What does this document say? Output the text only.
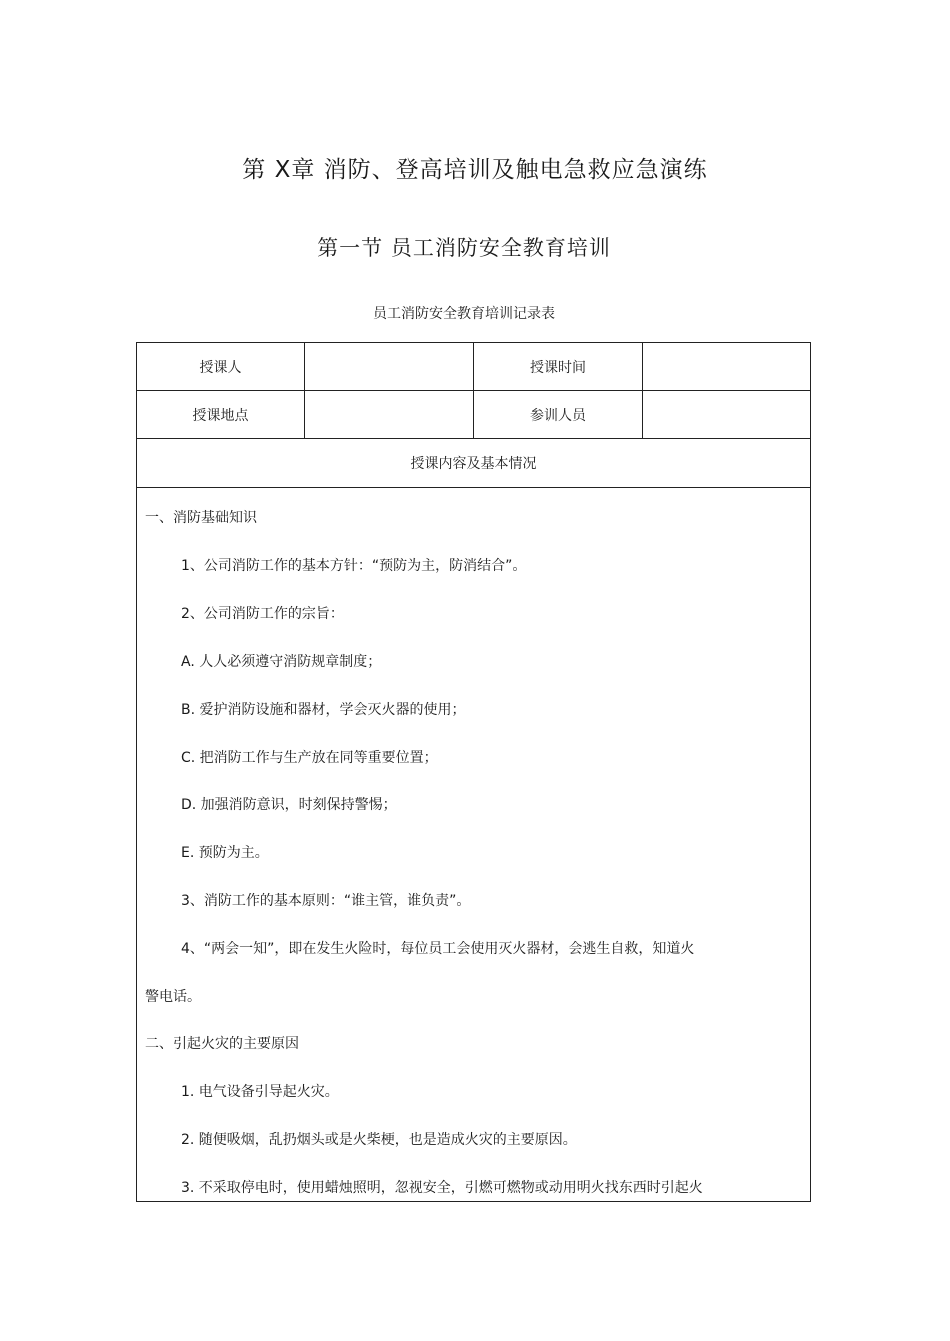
第 X章 消防、登高培训及触电急救应急演练
第一节 员工消防安全教育培训
员工消防安全教育培训记录表
授课人	授课时间
授课地点	参训人员
授课内容及基本情况
一、消防基础知识
1、公司消防工作的基本方针：“预防为主，防消结合”。
2、公司消防工作的宗旨：
A. 人人必须遵守消防规章制度；
B. 爱护消防设施和器材，学会灭火器的使用；
C. 把消防工作与生产放在同等重要位置；
D. 加强消防意识，时刻保持警惕；
E. 预防为主。
3、消防工作的基本原则：“谁主管，谁负责”。
4、“两会一知”，即在发生火险时，每位员工会使用灭火器材，会逃生自救，知道火
警电话。
二、引起火灾的主要原因
1. 电气设备引导起火灾。
2. 随便吸烟，乱扔烟头或是火柴梗，也是造成火灾的主要原因。
3. 不采取停电时，使用蜡烛照明，忽视安全，引燃可燃物或动用明火找东西时引起火
